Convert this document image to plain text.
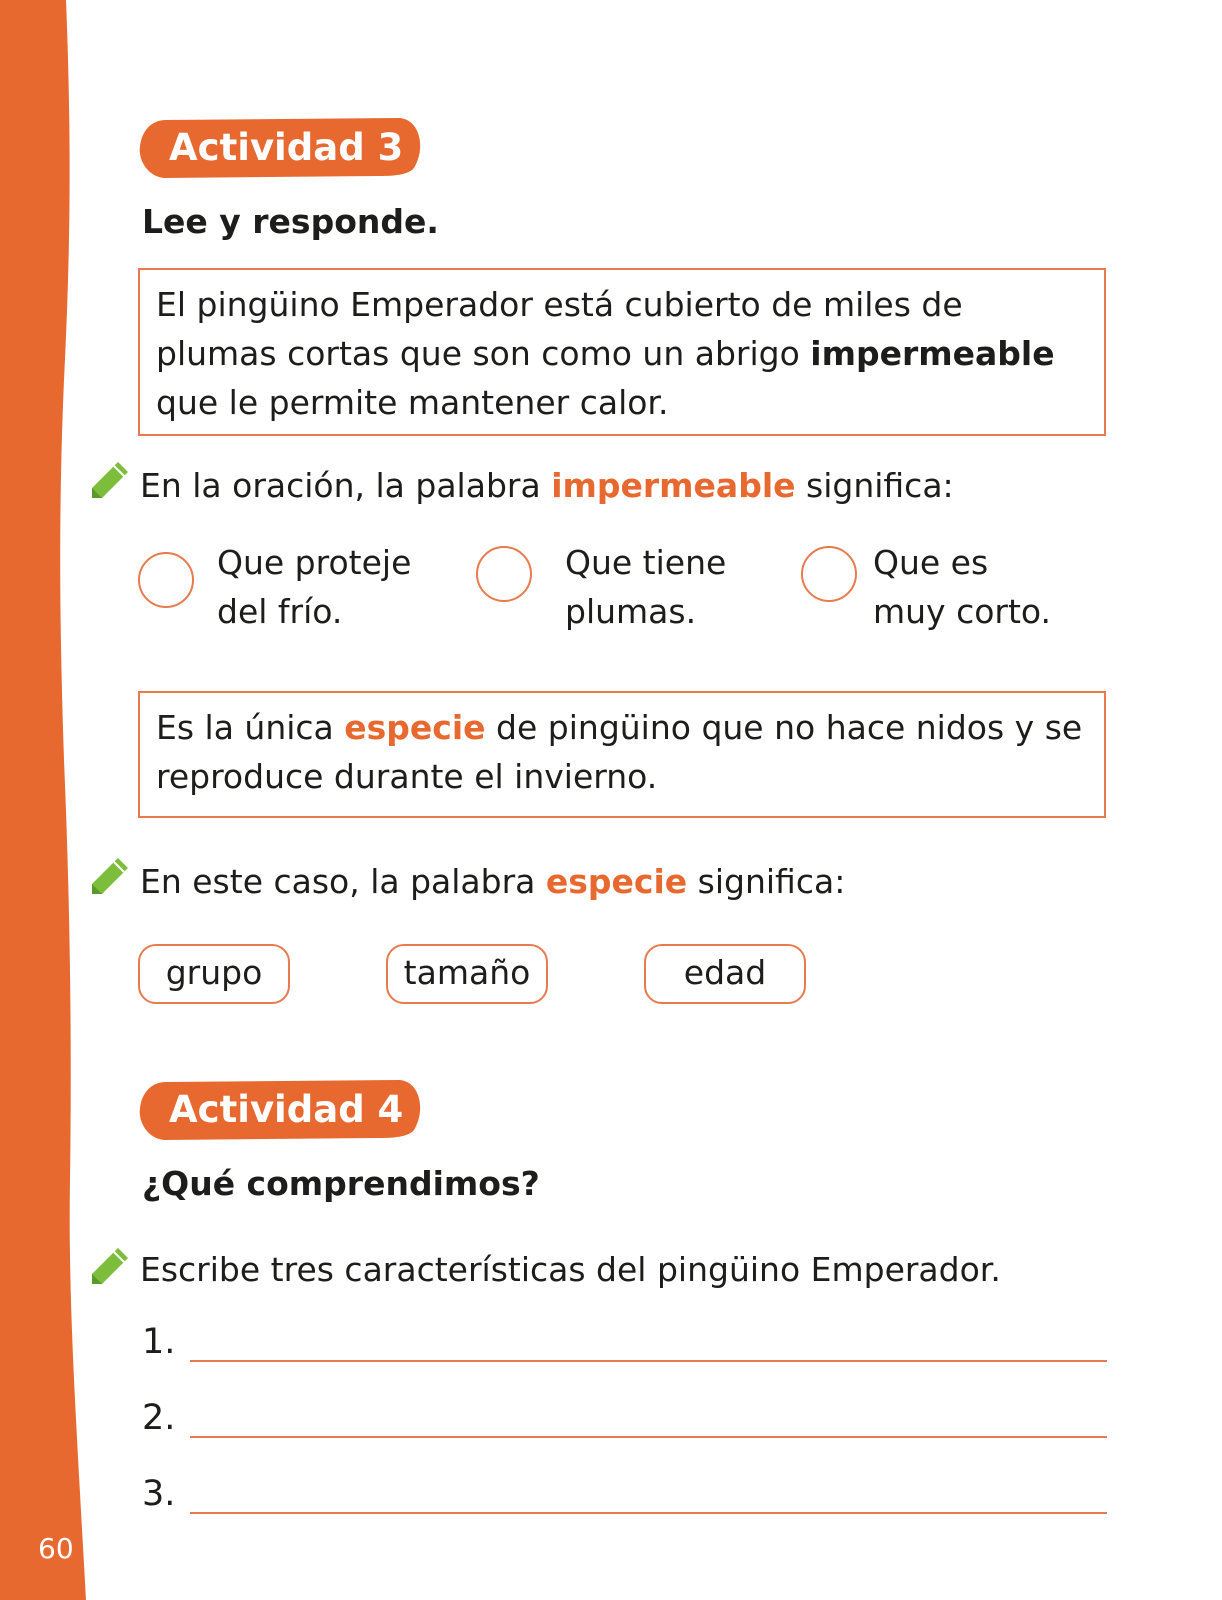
60
Actividad 3
Lee y responde.
El pingüino Emperador está cubierto de miles de plumas cortas que son como un abrigo impermeable que le permite mantener calor.
En la oración, la palabra impermeable significa:
Que proteje
del frío.
Que tiene
plumas.
Que es
muy corto.
Es la única especie de pingüino que no hace nidos y se reproduce durante el invierno.
En este caso, la palabra especie significa:
grupo	tamaño	edad
Actividad 4
¿Qué comprendimos?
Escribe tres características del pingüino Emperador.
1.
2.
3.
